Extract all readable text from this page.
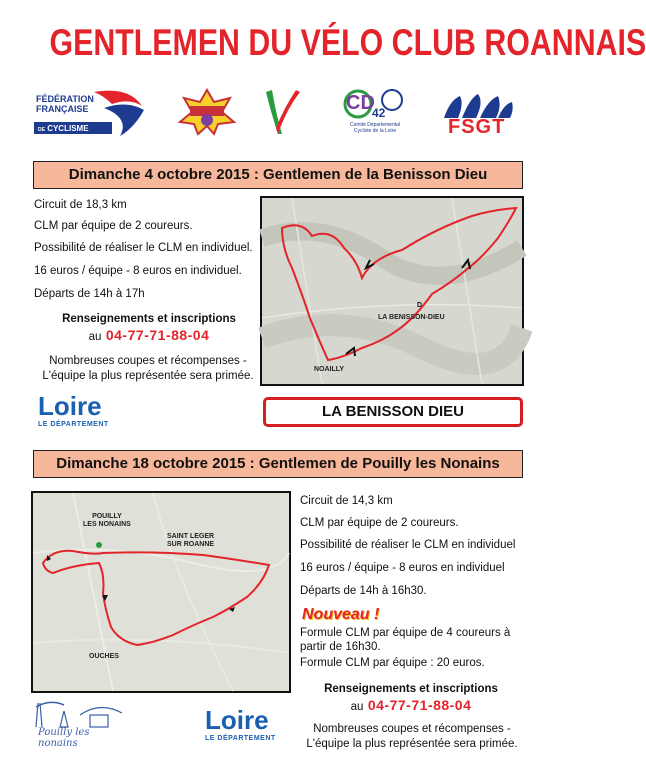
GENTLEMEN DU VÉLO CLUB ROANNAIS
FÉDÉRATION
FRANÇAISE
DE CYCLISME
CD
42
Comité Départemental
Cycliste de la Loire	FSGT
Dimanche 4 octobre 2015 : Gentlemen de la Benisson Dieu
Circuit de 18,3 km
CLM par équipe de 2 coureurs.
Possibilité de réaliser le CLM en individuel.
16 euros / équipe - 8 euros en individuel.
Départs de 14h à 17h
Renseignements et inscriptions
au 04-77-71-88-04
Nombreuses coupes et récompenses -
L'équipe la plus représentée sera primée.
D
LA BENISSON-DIEU
NOAILLY
Loire
LE DÉPARTEMENT
LA BENISSON DIEU
Dimanche 18 octobre 2015 : Gentlemen de Pouilly les Nonains
POUILLY
LES NONAINS
SAINT LEGER
SUR ROANNE
OUCHES
Circuit de 14,3 km
CLM par équipe de 2 coureurs.
Possibilité de réaliser le CLM en individuel
16 euros / équipe - 8 euros en individuel
Départs de 14h à 16h30.
Nouveau !
Formule CLM par équipe de 4 coureurs à
partir de 16h30.
Formule CLM par équipe : 20 euros.
Renseignements et inscriptions
au 04-77-71-88-04
Nombreuses coupes et récompenses -
L'équipe la plus représentée sera primée.
Pouilly les nonains
Loire
LE DÉPARTEMENT
